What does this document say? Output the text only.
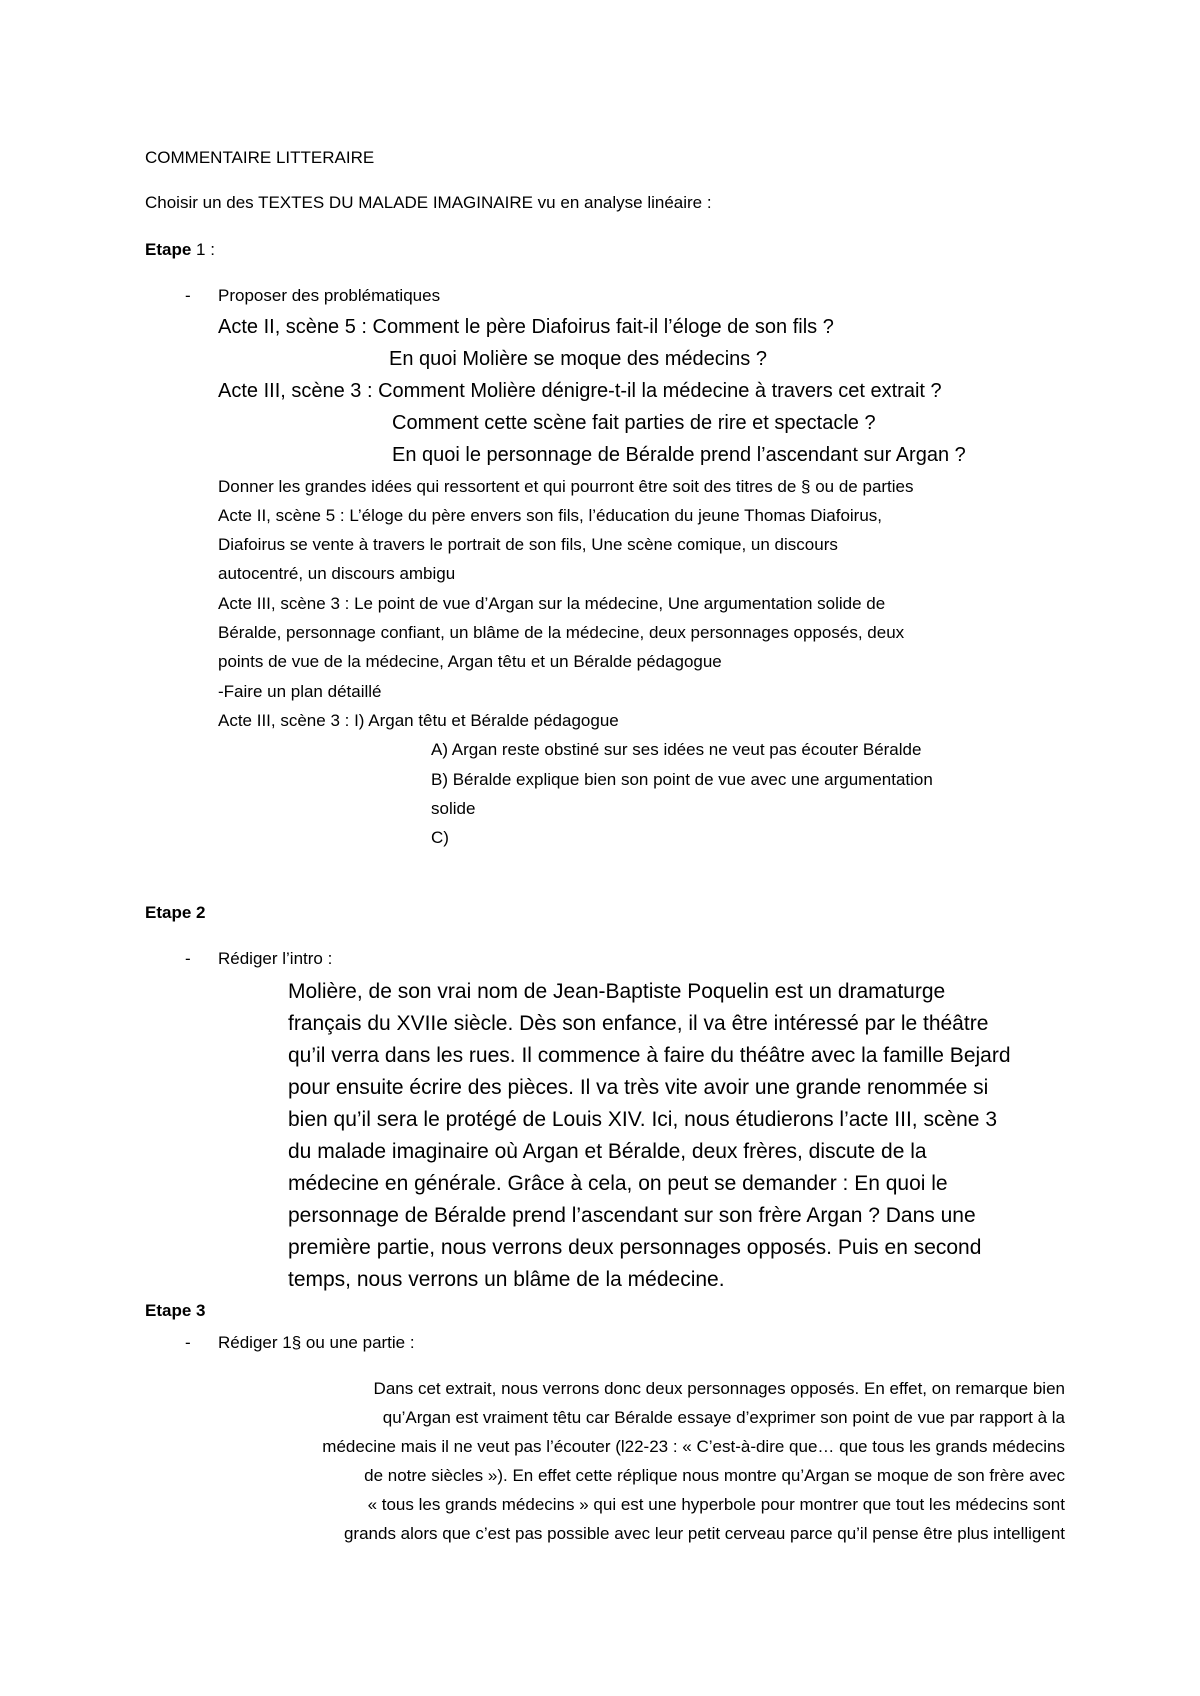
COMMENTAIRE LITTERAIRE
Choisir un des TEXTES DU MALADE IMAGINAIRE vu en analyse linéaire :
Etape 1 :
- Proposer des problématiques
Acte II, scène 5 : Comment le père Diafoirus fait-il l’éloge de son fils ?
En quoi Molière se moque des médecins ?
Acte III, scène 3 : Comment Molière dénigre-t-il la médecine à travers cet extrait ?
Comment cette scène fait parties de rire et spectacle ?
En quoi le personnage de Béralde prend l’ascendant sur Argan ?
Donner les grandes idées qui ressortent et qui pourront être soit des titres de § ou de parties
Acte II, scène 5 : L’éloge du père envers son fils, l’éducation du jeune Thomas Diafoirus,
Diafoirus se vente à travers le portrait de son fils, Une scène comique, un discours
autocentré, un discours ambigu
Acte III, scène 3 : Le point de vue d’Argan sur la médecine, Une argumentation solide de
Béralde, personnage confiant, un blâme de la médecine, deux personnages opposés, deux
points de vue de la médecine, Argan têtu et un Béralde pédagogue
-Faire un plan détaillé
Acte III, scène 3 : I) Argan têtu et Béralde pédagogue
A) Argan reste obstiné sur ses idées ne veut pas écouter Béralde
B) Béralde explique bien son point de vue avec une argumentation
solide
C)
Etape 2
- Rédiger l’intro :
Molière, de son vrai nom de Jean-Baptiste Poquelin est un dramaturge
français du XVIIe siècle. Dès son enfance, il va être intéressé par le théâtre
qu’il verra dans les rues. Il commence à faire du théâtre avec la famille Bejard
pour ensuite écrire des pièces. Il va très vite avoir une grande renommée si
bien qu’il sera le protégé de Louis XIV. Ici, nous étudierons l’acte III, scène 3
du malade imaginaire où Argan et Béralde, deux frères, discute de la
médecine en générale. Grâce à cela, on peut se demander : En quoi le
personnage de Béralde prend l’ascendant sur son frère Argan ? Dans une
première partie, nous verrons deux personnages opposés. Puis en second
temps, nous verrons un blâme de la médecine.
Etape 3
- Rédiger 1§ ou une partie :
Dans cet extrait, nous verrons donc deux personnages opposés. En effet, on remarque bien
qu’Argan est vraiment têtu car Béralde essaye d’exprimer son point de vue par rapport à la
médecine mais il ne veut pas l’écouter (l22-23 : « C’est-à-dire que… que tous les grands médecins
de notre siècles »). En effet cette réplique nous montre qu’Argan se moque de son frère avec
« tous les grands médecins » qui est une hyperbole pour montrer que tout les médecins sont
grands alors que c’est pas possible avec leur petit cerveau parce qu’il pense être plus intelligent
